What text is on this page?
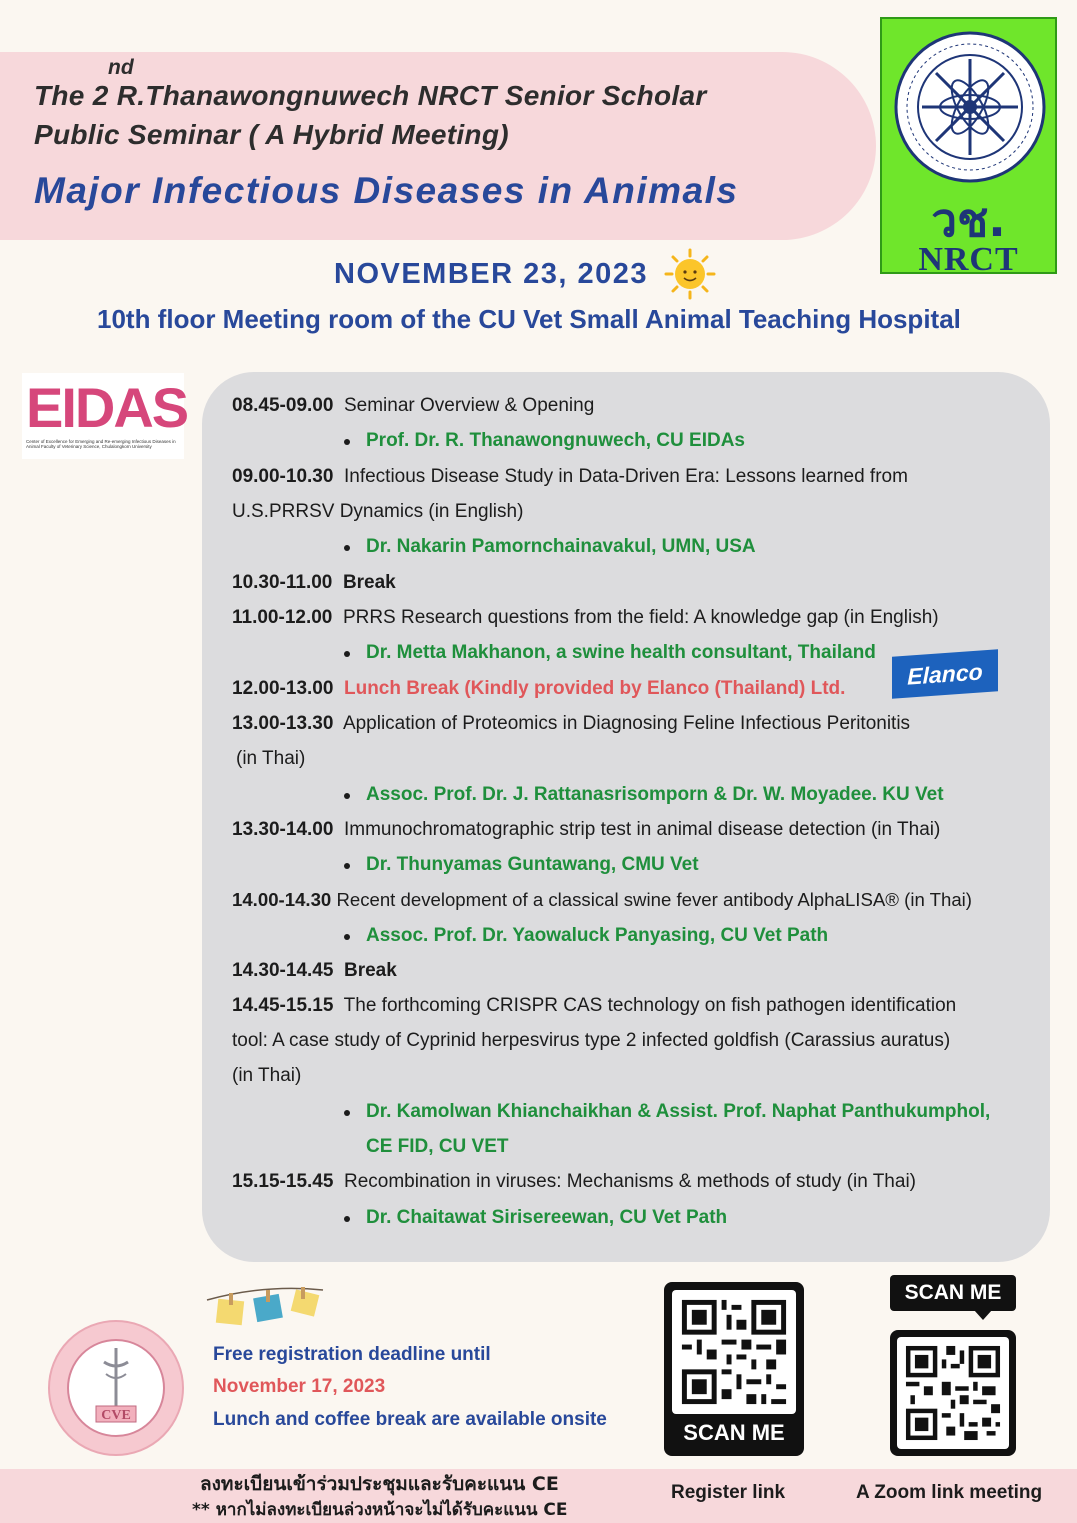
nd
The 2 R.Thanawongnuwech NRCT Senior Scholar
Public Seminar ( A Hybrid Meeting)
Major Infectious Diseases in Animals
วช.
NRCT
NOVEMBER 23, 2023
10th floor Meeting room of the CU Vet Small Animal Teaching Hospital
EIDAS
Center of Excellence for Emerging and Re-emerging Infectious Diseases in Animal Faculty of Veterinary Science, Chulalongkorn University
08.45-09.00 Seminar Overview & Opening
Prof. Dr. R. Thanawongnuwech, CU EIDAs
09.00-10.30 Infectious Disease Study in Data-Driven Era: Lessons learned from
U.S.PRRSV Dynamics (in English)
Dr. Nakarin Pamornchainavakul, UMN, USA
10.30-11.00 Break
11.00-12.00 PRRS Research questions from the field: A knowledge gap (in English)
Dr. Metta Makhanon, a swine health consultant, Thailand
12.00-13.00 Lunch Break (Kindly provided by Elanco (Thailand) Ltd.	Elanco
13.00-13.30 Application of Proteomics in Diagnosing Feline Infectious Peritonitis
(in Thai)
Assoc. Prof. Dr. J. Rattanasrisomporn & Dr. W. Moyadee. KU Vet
13.30-14.00 Immunochromatographic strip test in animal disease detection (in Thai)
Dr. Thunyamas Guntawang, CMU Vet
14.00-14.30 Recent development of a classical swine fever antibody AlphaLISA® (in Thai)
Assoc. Prof. Dr. Yaowaluck Panyasing, CU Vet Path
14.30-14.45 Break
14.45-15.15 The forthcoming CRISPR CAS technology on fish pathogen identification
tool: A case study of Cyprinid herpesvirus type 2 infected goldfish (Carassius auratus)
(in Thai)
Dr. Kamolwan Khianchaikhan & Assist. Prof. Naphat Panthukumphol,
CE FID, CU VET
15.15-15.45 Recombination in viruses: Mechanisms & methods of study (in Thai)
Dr. Chaitawat Sirisereewan, CU Vet Path
CVE
Free registration deadline until
November 17, 2023
Lunch and coffee break are available onsite
SCAN ME
SCAN ME
ลงทะเบียนเข้าร่วมประชุมและรับคะแนน CE
** หากไม่ลงทะเบียนล่วงหน้าจะไม่ได้รับคะแนน CE
Register link	A Zoom link meeting
